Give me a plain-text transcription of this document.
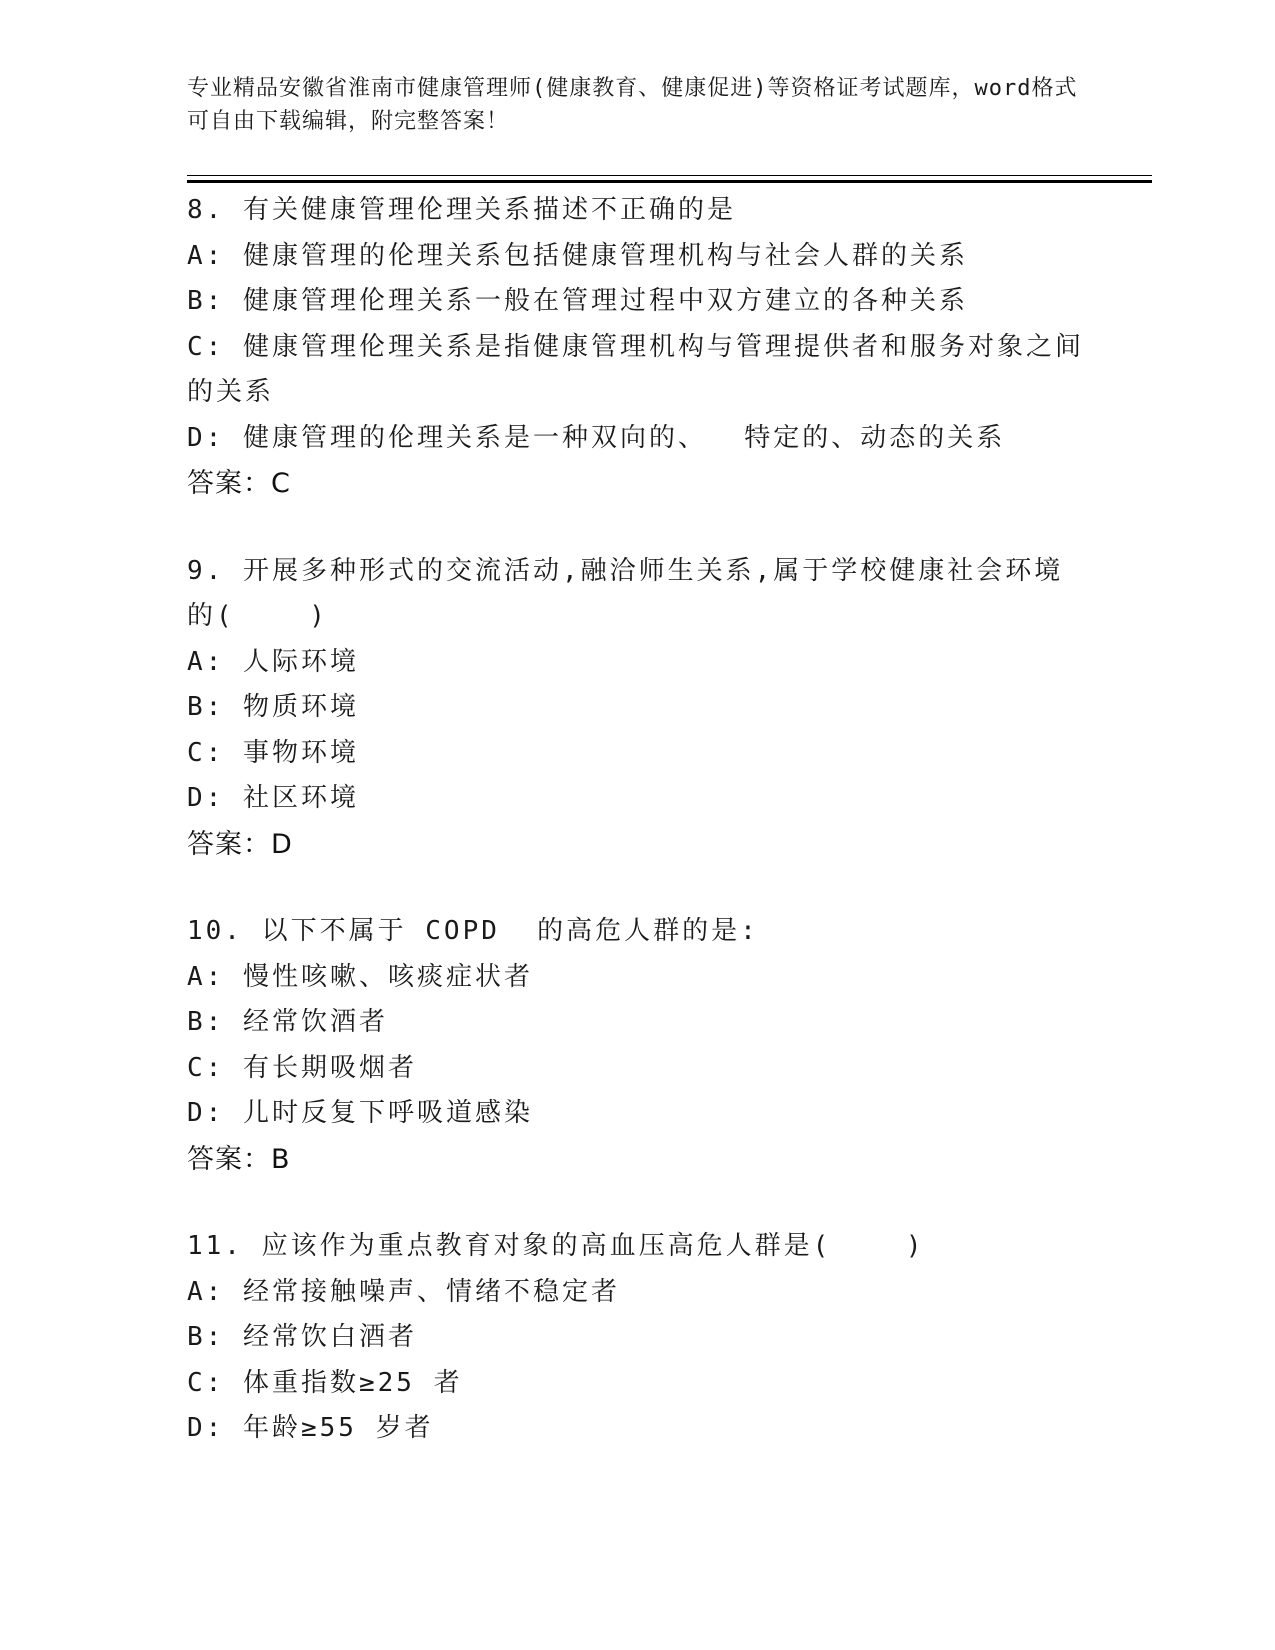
专业精品安徽省淮南市健康管理师(健康教育、健康促进)等资格证考试题库，word格式可自由下载编辑，附完整答案！
8. 有关健康管理伦理关系描述不正确的是
A: 健康管理的伦理关系包括健康管理机构与社会人群的关系
B: 健康管理伦理关系一般在管理过程中双方建立的各种关系
C: 健康管理伦理关系是指健康管理机构与管理提供者和服务对象之间的关系
D: 健康管理的伦理关系是一种双向的、  特定的、动态的关系
答案：C
9. 开展多种形式的交流活动,融洽师生关系,属于学校健康社会环境的(    )
A: 人际环境
B: 物质环境
C: 事物环境
D: 社区环境
答案：D
10. 以下不属于 COPD  的高危人群的是:
A: 慢性咳嗽、咳痰症状者
B: 经常饮酒者
C: 有长期吸烟者
D: 儿时反复下呼吸道感染
答案：B
11. 应该作为重点教育对象的高血压高危人群是(    )
A: 经常接触噪声、情绪不稳定者
B: 经常饮白酒者
C: 体重指数≥25 者
D: 年龄≥55 岁者
